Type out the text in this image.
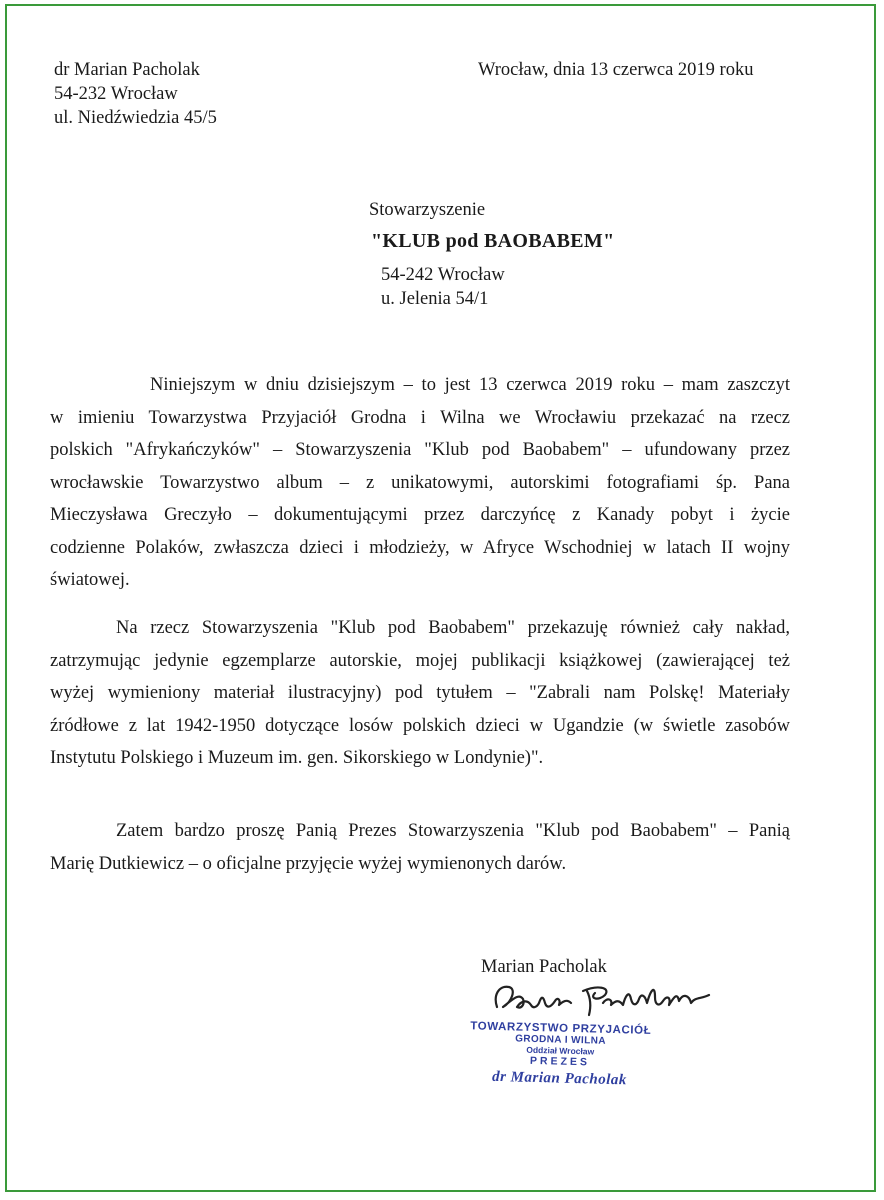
dr Marian Pacholak
54-232 Wrocław
ul. Niedźwiedzia 45/5
Wrocław, dnia 13 czerwca 2019 roku
Stowarzyszenie
"KLUB pod BAOBABEM"
54-242 Wrocław
u. Jelenia 54/1
Niniejszym w dniu dzisiejszym – to jest 13 czerwca 2019 roku – mam zaszczyt
w imieniu Towarzystwa Przyjaciół Grodna i Wilna we Wrocławiu przekazać na rzecz
polskich "Afrykańczyków" – Stowarzyszenia "Klub pod Baobabem" – ufundowany przez
wrocławskie Towarzystwo album – z unikatowymi, autorskimi fotografiami śp. Pana
Mieczysława Greczyło – dokumentującymi przez darczyńcę z Kanady pobyt i życie
codzienne Polaków, zwłaszcza dzieci i młodzieży, w Afryce Wschodniej w latach II wojny
światowej.
Na rzecz Stowarzyszenia "Klub pod Baobabem" przekazuję również cały nakład,
zatrzymując jedynie egzemplarze autorskie, mojej publikacji książkowej (zawierającej też
wyżej wymieniony materiał ilustracyjny) pod tytułem – "Zabrali nam Polskę! Materiały
źródłowe z lat 1942-1950 dotyczące losów polskich dzieci w Ugandzie (w świetle zasobów
Instytutu Polskiego i Muzeum im. gen. Sikorskiego w Londynie)".
Zatem bardzo proszę Panią Prezes Stowarzyszenia "Klub pod Baobabem" – Panią
Marię Dutkiewicz – o oficjalne przyjęcie wyżej wymienonych darów.
Marian Pacholak
TOWARZYSTWO PRZYJACIÓŁ
GRODNA I WILNA
Oddział Wrocław
PREZES
dr Marian Pacholak
